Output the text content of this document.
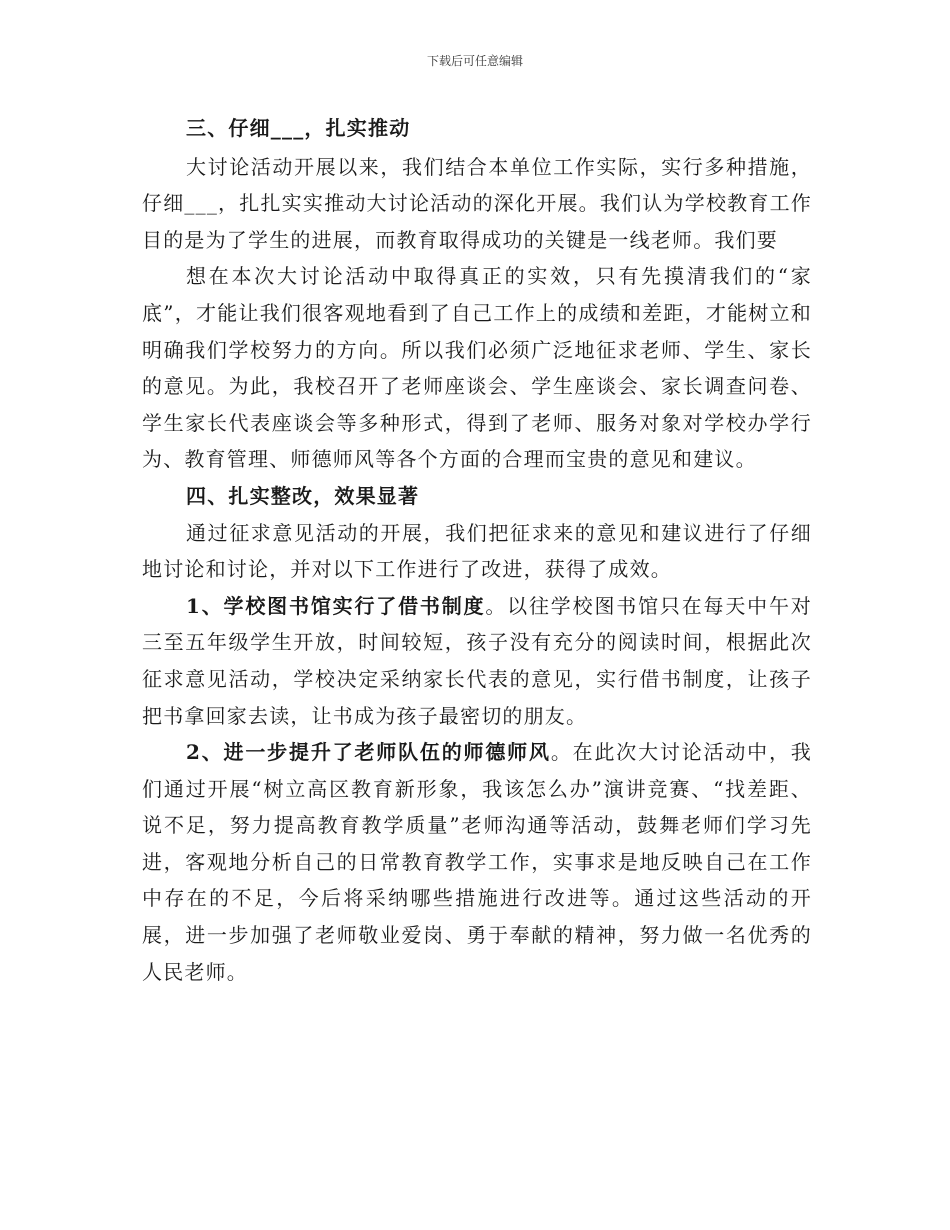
下载后可任意编辑
三、仔细___，扎实推动

大讨论活动开展以来，我们结合本单位工作实际，实行多种措施，仔细___，扎扎实实推动大讨论活动的深化开展。我们认为学校教育工作目的是为了学生的进展，而教育取得成功的关键是一线老师。我们要

想在本次大讨论活动中取得真正的实效，只有先摸清我们的“家底”，才能让我们很客观地看到了自己工作上的成绩和差距，才能树立和明确我们学校努力的方向。所以我们必须广泛地征求老师、学生、家长的意见。为此，我校召开了老师座谈会、学生座谈会、家长调查问卷、学生家长代表座谈会等多种形式，得到了老师、服务对象对学校办学行为、教育管理、师德师风等各个方面的合理而宝贵的意见和建议。

四、扎实整改，效果显著

通过征求意见活动的开展，我们把征求来的意见和建议进行了仔细地讨论和讨论，并对以下工作进行了改进，获得了成效。

1、学校图书馆实行了借书制度。以往学校图书馆只在每天中午对三至五年级学生开放，时间较短，孩子没有充分的阅读时间，根据此次征求意见活动，学校决定采纳家长代表的意见，实行借书制度，让孩子把书拿回家去读，让书成为孩子最密切的朋友。

2、进一步提升了老师队伍的师德师风。在此次大讨论活动中，我们通过开展“树立高区教育新形象，我该怎么办”演讲竞赛、“找差距、说不足，努力提高教育教学质量”老师沟通等活动，鼓舞老师们学习先进，客观地分析自己的日常教育教学工作，实事求是地反映自己在工作中存在的不足，今后将采纳哪些措施进行改进等。通过这些活动的开展，进一步加强了老师敬业爱岗、勇于奉献的精神，努力做一名优秀的人民老师。
